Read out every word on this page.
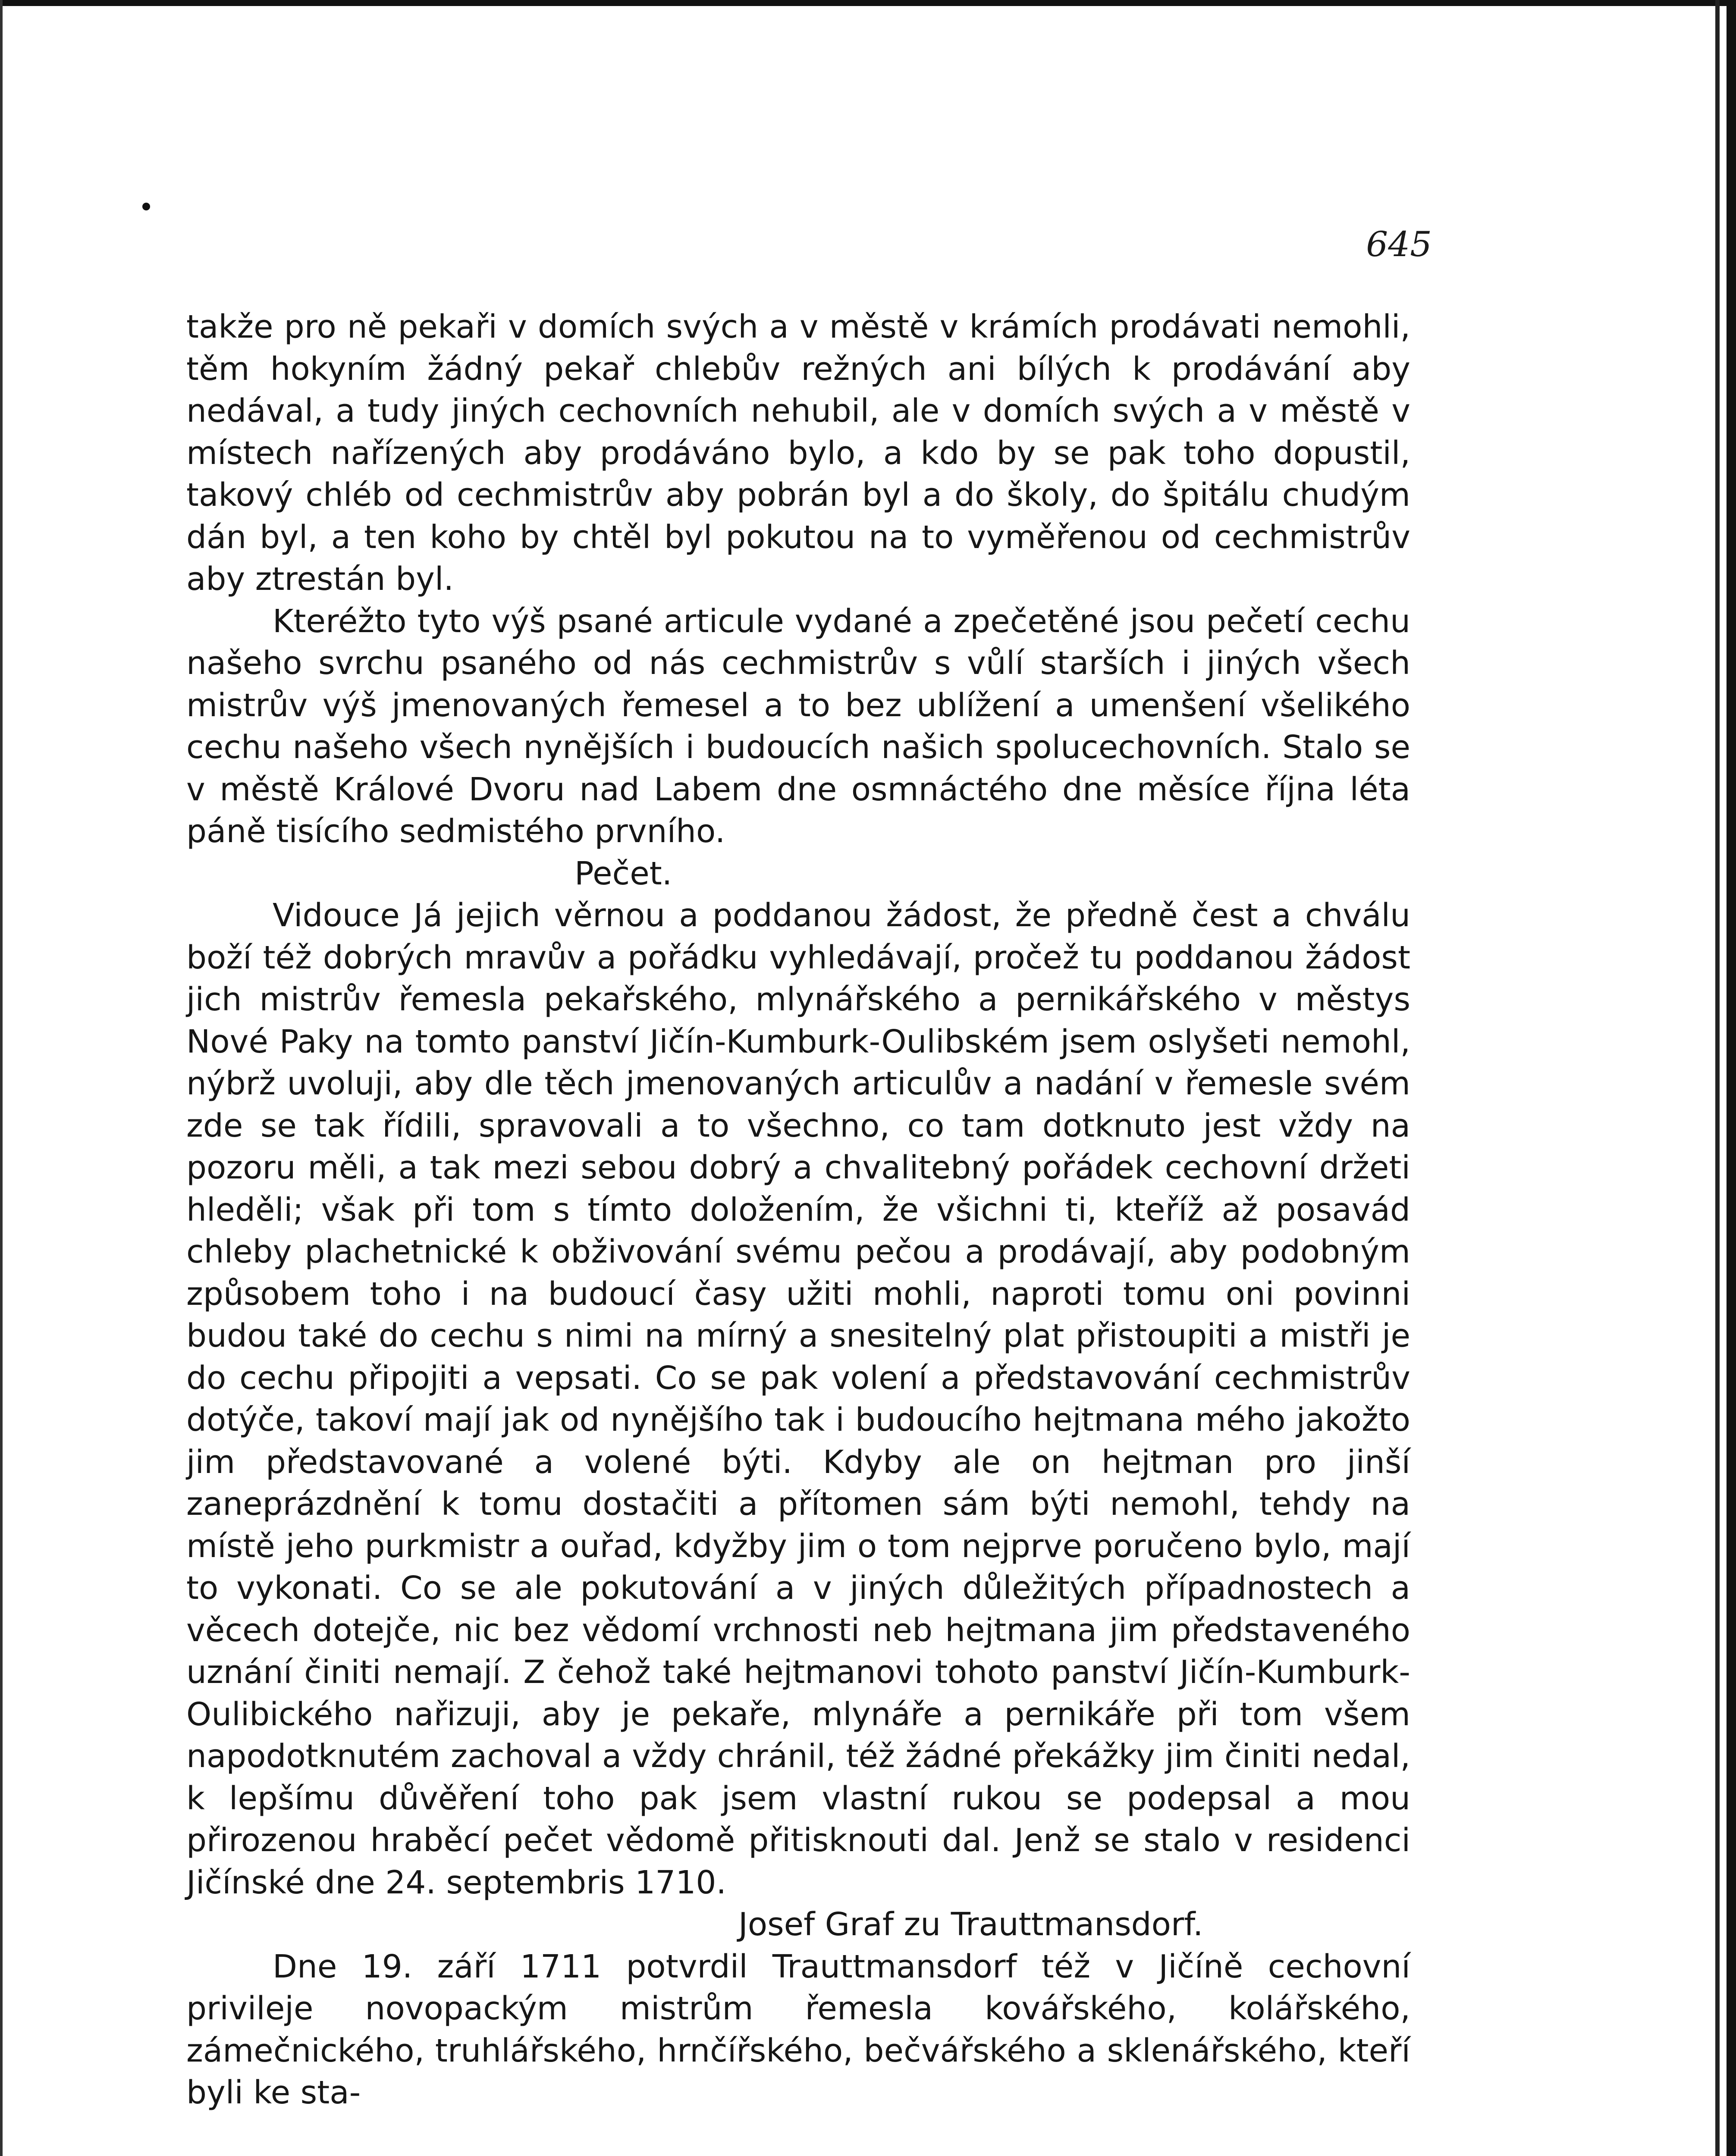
645

takže pro ně pekaři v domích svých a v městě v krámích prodávati nemohli, těm hokyním žádný pekař chlebův režných ani bílých k prodávání aby nedával, a tudy jiných cechovních nehubil, ale v domích svých a v městě v místech nařízených aby prodáváno bylo, a kdo by se pak toho dopustil, takový chléb od cechmistrův aby pobrán byl a do školy, do špitálu chudým dán byl, a ten koho by chtěl byl pokutou na to vyměřenou od cechmistrův aby ztrestán byl.

Kteréžto tyto výš psané articule vydané a zpečetěné jsou pečetí cechu našeho svrchu psaného od nás cechmistrův s vůlí starších i jiných všech mistrův výš jmenovaných řemesel a to bez ublížení a umenšení všelikého cechu našeho všech nynějších i budoucích našich spolucechovních. Stalo se v městě Králové Dvoru nad Labem dne osmnáctého dne měsíce října léta páně tisícího sedmistého prvního.

Pečet.

Vidouce Já jejich věrnou a poddanou žádost, že předně čest a chválu boží též dobrých mravův a pořádku vyhledávají, pročež tu poddanou žádost jich mistrův řemesla pekařského, mlynářského a pernikářského v městys Nové Paky na tomto panství Jičín-Kumburk-Oulibském jsem oslyšeti nemohl, nýbrž uvoluji, aby dle těch jmenovaných articulův a nadání v řemesle svém zde se tak řídili, spravovali a to všechno, co tam dotknuto jest vždy na pozoru měli, a tak mezi sebou dobrý a chvalitebný pořádek cechovní držeti hleděli; však při tom s tímto doložením, že všichni ti, kteříž až posavád chleby plachetnické k obživování svému pečou a prodávají, aby podobným způsobem toho i na budoucí časy užiti mohli, naproti tomu oni povinni budou také do cechu s nimi na mírný a snesitelný plat přistoupiti a mistři je do cechu připojiti a vepsati. Co se pak volení a představování cechmistrův dotýče, takoví mají jak od nynějšího tak i budoucího hejtmana mého jakožto jim představované a volené býti. Kdyby ale on hejtman pro jinší zaneprázdnění k tomu dostačiti a přítomen sám býti nemohl, tehdy na místě jeho purkmistr a ouřad, kdyžby jim o tom nejprve poručeno bylo, mají to vykonati. Co se ale pokutování a v jiných důležitých případnostech a věcech dotejče, nic bez vědomí vrchnosti neb hejtmana jim představeného uznání činiti nemají. Z čehož také hejtmanovi tohoto panství Jičín-Kumburk-Oulibického nařizuji, aby je pekaře, mlynáře a pernikáře při tom všem napodotknutém zachoval a vždy chránil, též žádné překážky jim činiti nedal, k lepšímu důvěření toho pak jsem vlastní rukou se podepsal a mou přirozenou hraběcí pečet vědomě přitisknouti dal. Jenž se stalo v residenci Jičínské dne 24. septembris 1710.

Josef Graf zu Trauttmansdorf.

Dne 19. září 1711 potvrdil Trauttmansdorf též v Jičíně cechovní privileje novopackým mistrům řemesla kovářského, kolářského, zámečnického, truhlářského, hrnčířského, bečvářského a sklenářského, kteří byli ke sta-
